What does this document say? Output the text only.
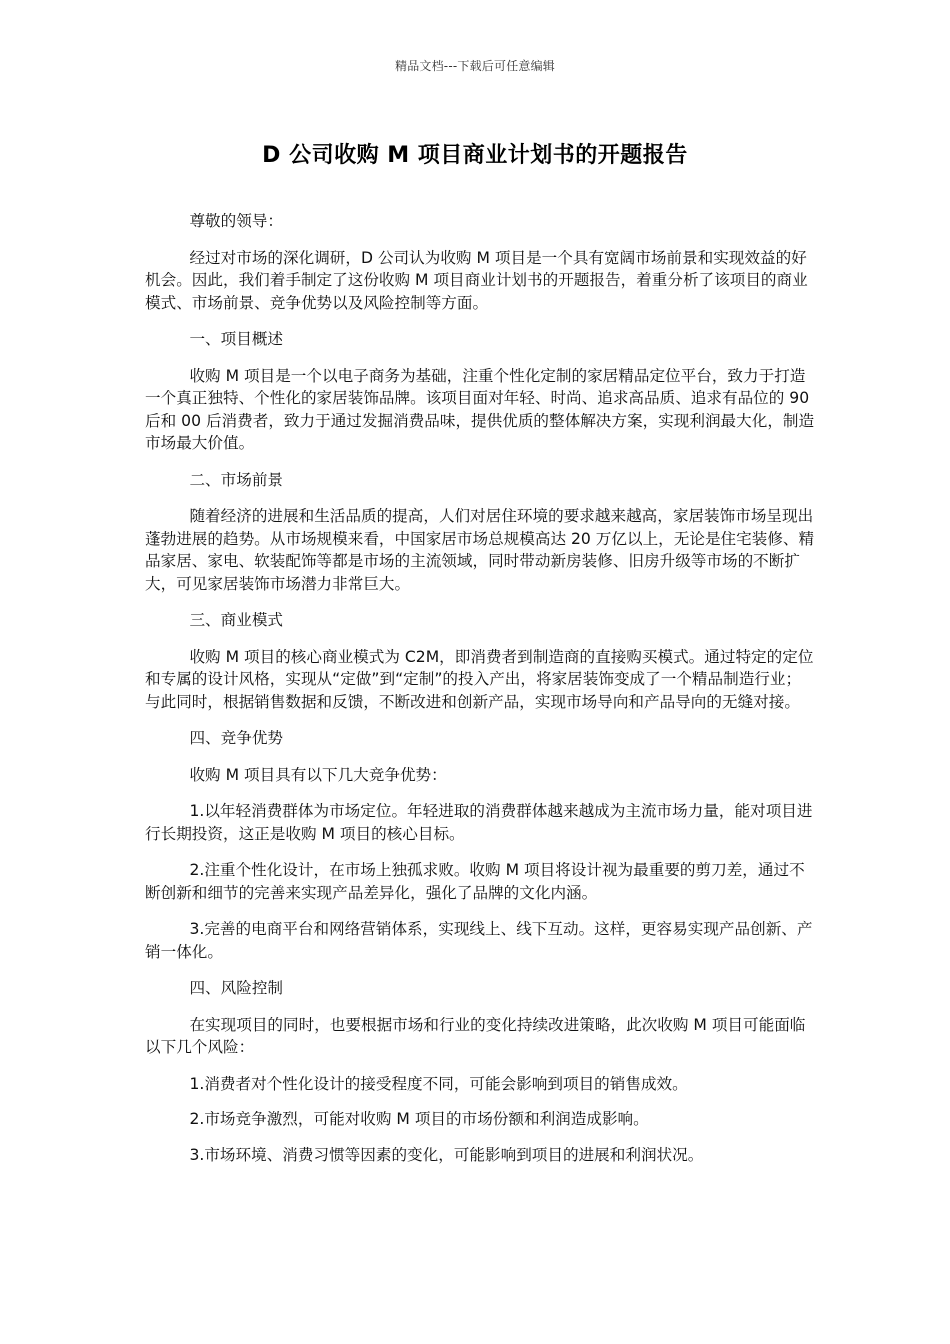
精品文档---下载后可任意编辑
D 公司收购 M 项目商业计划书的开题报告

尊敬的领导：

经过对市场的深化调研，D 公司认为收购 M 项目是一个具有宽阔市场前景和实现效益的好机会。因此，我们着手制定了这份收购 M 项目商业计划书的开题报告，着重分析了该项目的商业模式、市场前景、竞争优势以及风险控制等方面。

一、项目概述

收购 M 项目是一个以电子商务为基础，注重个性化定制的家居精品定位平台，致力于打造一个真正独特、个性化的家居装饰品牌。该项目面对年轻、时尚、追求高品质、追求有品位的 90 后和 00 后消费者，致力于通过发掘消费品味，提供优质的整体解决方案，实现利润最大化，制造市场最大价值。

二、市场前景

随着经济的进展和生活品质的提高，人们对居住环境的要求越来越高，家居装饰市场呈现出蓬勃进展的趋势。从市场规模来看，中国家居市场总规模高达 20 万亿以上，无论是住宅装修、精品家居、家电、软装配饰等都是市场的主流领域，同时带动新房装修、旧房升级等市场的不断扩大，可见家居装饰市场潜力非常巨大。

三、商业模式

收购 M 项目的核心商业模式为 C2M，即消费者到制造商的直接购买模式。通过特定的定位和专属的设计风格，实现从“定做”到“定制”的投入产出，将家居装饰变成了一个精品制造行业；与此同时，根据销售数据和反馈，不断改进和创新产品，实现市场导向和产品导向的无缝对接。

四、竞争优势

收购 M 项目具有以下几大竞争优势：

1.以年轻消费群体为市场定位。年轻进取的消费群体越来越成为主流市场力量，能对项目进行长期投资，这正是收购 M 项目的核心目标。

2.注重个性化设计，在市场上独孤求败。收购 M 项目将设计视为最重要的剪刀差，通过不断创新和细节的完善来实现产品差异化，强化了品牌的文化内涵。

3.完善的电商平台和网络营销体系，实现线上、线下互动。这样，更容易实现产品创新、产销一体化。

四、风险控制

在实现项目的同时，也要根据市场和行业的变化持续改进策略，此次收购 M 项目可能面临以下几个风险：

1.消费者对个性化设计的接受程度不同，可能会影响到项目的销售成效。

2.市场竞争激烈，可能对收购 M 项目的市场份额和利润造成影响。

3.市场环境、消费习惯等因素的变化，可能影响到项目的进展和利润状况。
